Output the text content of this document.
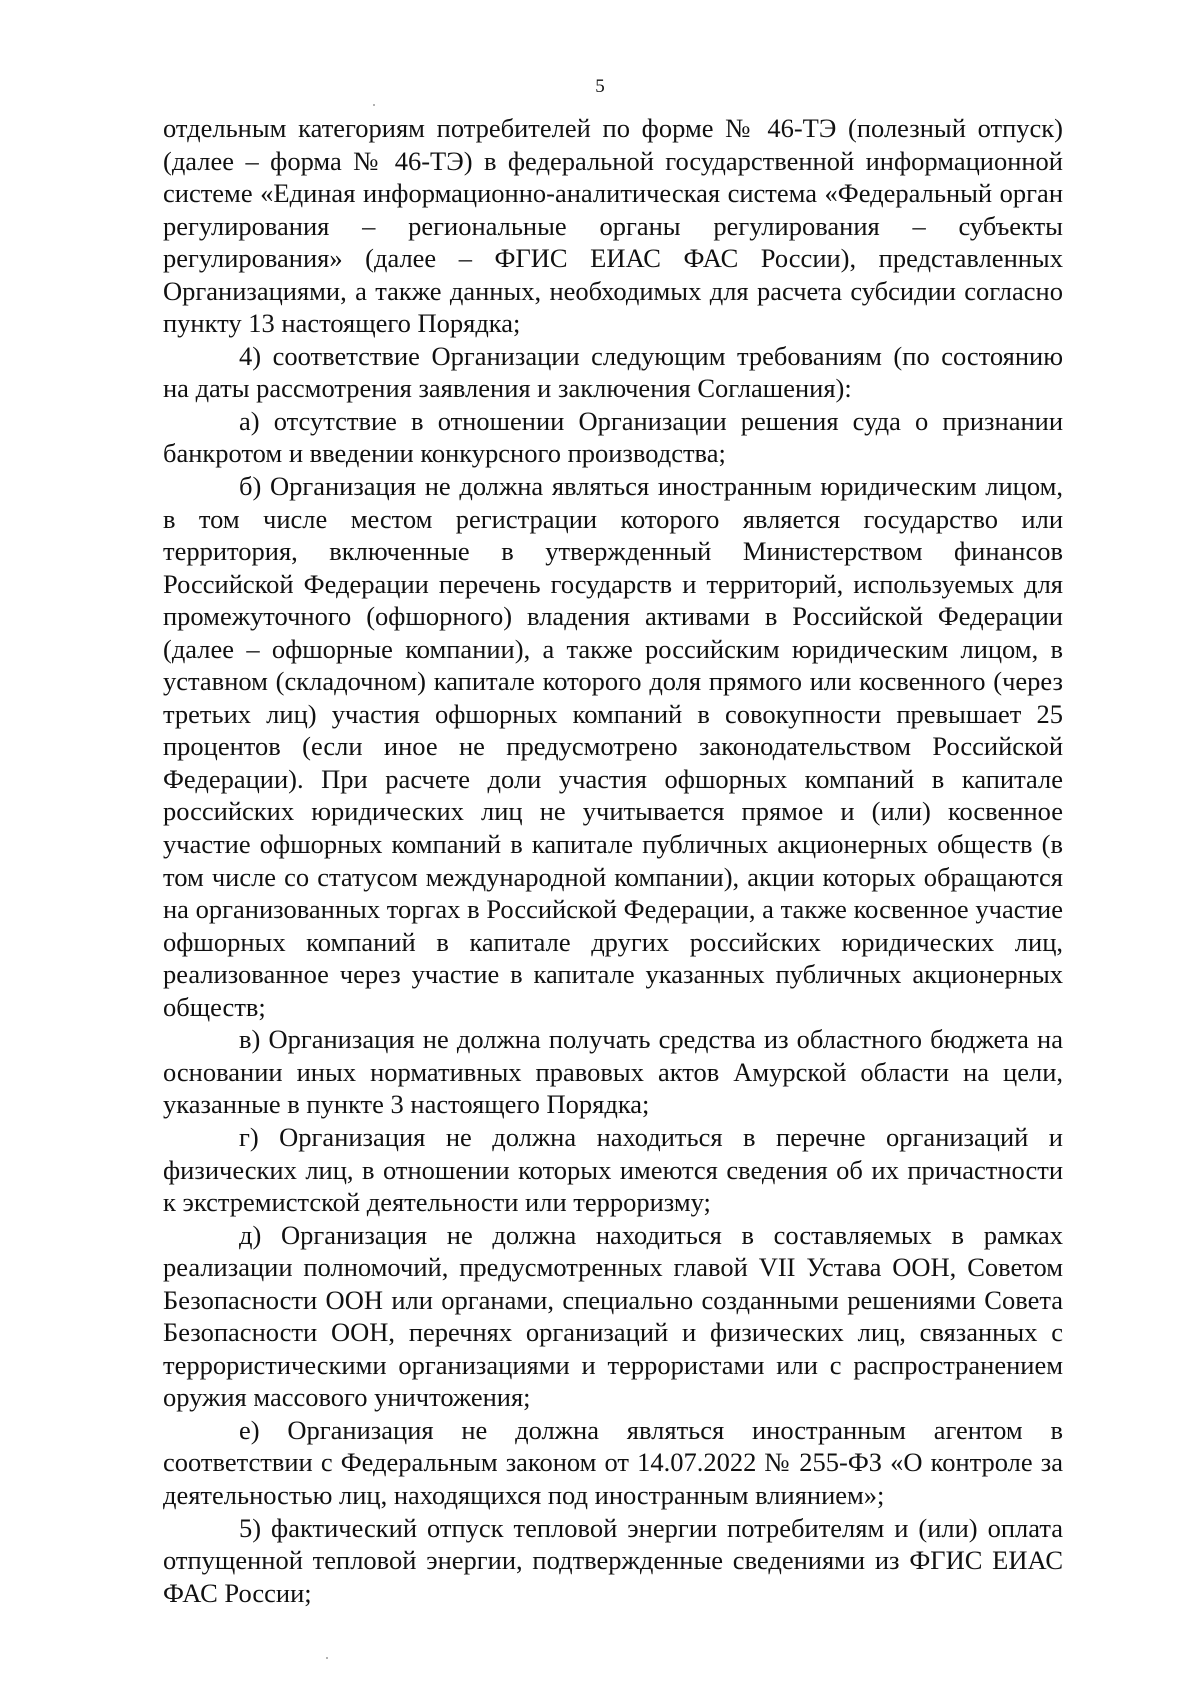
5

отдельным категориям потребителей по форме № 46-ТЭ (полезный отпуск) (далее – форма № 46-ТЭ) в федеральной государственной информационной системе «Единая информационно-аналитическая система «Федеральный орган регулирования – региональные органы регулирования – субъекты регулирования» (далее – ФГИС ЕИАС ФАС России), представленных Организациями, а также данных, необходимых для расчета субсидии согласно пункту 13 настоящего Порядка;

4) соответствие Организации следующим требованиям (по состоянию на даты рассмотрения заявления и заключения Соглашения):

а) отсутствие в отношении Организации решения суда о признании банкротом и введении конкурсного производства;

б) Организация не должна являться иностранным юридическим лицом, в том числе местом регистрации которого является государство или территория, включенные в утвержденный Министерством финансов Российской Федерации перечень государств и территорий, используемых для промежуточного (офшорного) владения активами в Российской Федерации (далее – офшорные компании), а также российским юридическим лицом, в уставном (складочном) капитале которого доля прямого или косвенного (через третьих лиц) участия офшорных компаний в совокупности превышает 25 процентов (если иное не предусмотрено законодательством Российской Федерации). При расчете доли участия офшорных компаний в капитале российских юридических лиц не учитывается прямое и (или) косвенное участие офшорных компаний в капитале публичных акционерных обществ (в том числе со статусом международной компании), акции которых обращаются на организованных торгах в Российской Федерации, а также косвенное участие офшорных компаний в капитале других российских юридических лиц, реализованное через участие в капитале указанных публичных акционерных обществ;

в) Организация не должна получать средства из областного бюджета на основании иных нормативных правовых актов Амурской области на цели, указанные в пункте 3 настоящего Порядка;

г) Организация не должна находиться в перечне организаций и физических лиц, в отношении которых имеются сведения об их причастности к экстремистской деятельности или терроризму;

д) Организация не должна находиться в составляемых в рамках реализации полномочий, предусмотренных главой VII Устава ООН, Советом Безопасности ООН или органами, специально созданными решениями Совета Безопасности ООН, перечнях организаций и физических лиц, связанных с террористическими организациями и террористами или с распространением оружия массового уничтожения;

е) Организация не должна являться иностранным агентом в соответствии с Федеральным законом от 14.07.2022 № 255-ФЗ «О контроле за деятельностью лиц, находящихся под иностранным влиянием»;

5) фактический отпуск тепловой энергии потребителям и (или) оплата отпущенной тепловой энергии, подтвержденные сведениями из ФГИС ЕИАС ФАС России;
